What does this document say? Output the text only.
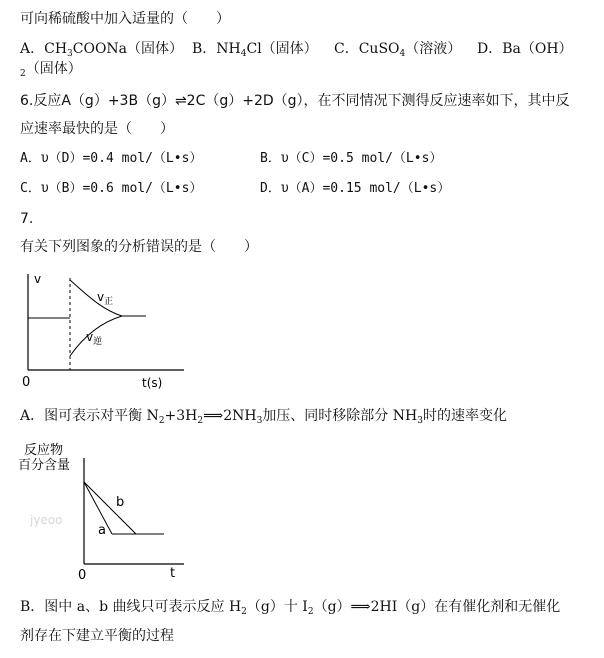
可向稀硫酸中加入适量的（　　）
A．$CH_3COONa$（固体） B．$NH_4Cl$（固体） C．CuSO$_4$（溶液） D．Ba（OH）
$_2$（固体）
6.反应A（g）+3B（g）⇌2C（g）+2D（g），在不同情况下测得反应速率如下，其中反
应速率最快的是（　　）
A．υ（D）=0.4 mol/（L•s）	B．υ（C）=0.5 mol/（L•s）
C．υ（B）=0.6 mol/（L•s）	D．υ（A）=0.15 mol/（L•s）
7.
有关下列图象的分析错误的是（　　）
v
0	t(s)
$v_正$
$v_逆$
A．图可表示对平衡 $N_2+3H_2⟹2NH_3$加压、同时移除部分 $NH_3$时的速率变化
反应物
百分含量
0	t
jyeoo
a
b
B．图中 a、b 曲线只可表示反应 $H_2(g)$十 $I_2(g)⟹2HI(g)$在有催化剂和无催化
剂存在下建立平衡的过程
